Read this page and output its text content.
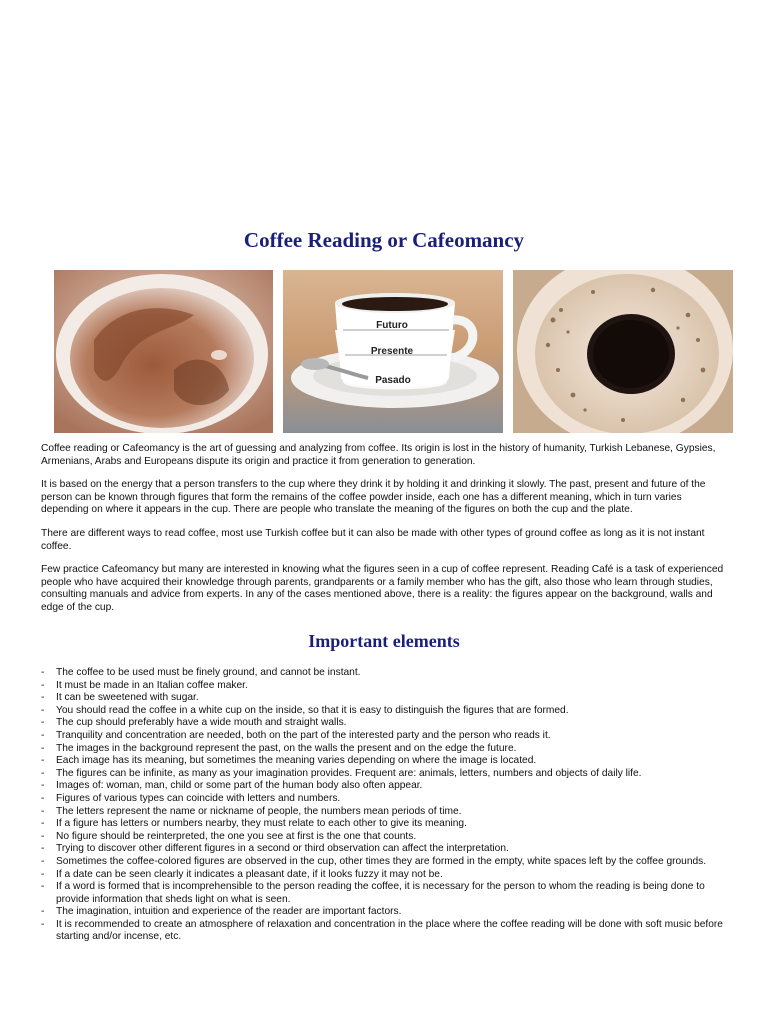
Coffee Reading or Cafeomancy
Futuro
Presente
Pasado

Coffee reading or Cafeomancy is the art of guessing and analyzing from coffee. Its origin is lost in the history of humanity, Turkish Lebanese, Gypsies, Armenians, Arabs and Europeans dispute its origin and practice it from generation to generation.

It is based on the energy that a person transfers to the cup where they drink it by holding it and drinking it slowly. The past, present and future of the person can be known through figures that form the remains of the coffee powder inside, each one has a different meaning, which in turn varies depending on where it appears in the cup. There are people who translate the meaning of the figures on both the cup and the plate.

There are different ways to read coffee, most use Turkish coffee but it can also be made with other types of ground coffee as long as it is not instant coffee.

Few practice Cafeomancy but many are interested in knowing what the figures seen in a cup of coffee represent. Reading Café is a task of experienced people who have acquired their knowledge through parents, grandparents or a family member who has the gift, also those who learn through studies, consulting manuals and advice from experts. In any of the cases mentioned above, there is a reality: the figures appear on the background, walls and edge of the cup.

Important elements
- The coffee to be used must be finely ground, and cannot be instant.
- It must be made in an Italian coffee maker.
- It can be sweetened with sugar.
- You should read the coffee in a white cup on the inside, so that it is easy to distinguish the figures that are formed.
- The cup should preferably have a wide mouth and straight walls.
- Tranquility and concentration are needed, both on the part of the interested party and the person who reads it.
- The images in the background represent the past, on the walls the present and on the edge the future.
- Each image has its meaning, but sometimes the meaning varies depending on where the image is located.
- The figures can be infinite, as many as your imagination provides. Frequent are: animals, letters, numbers and objects of daily life.
- Images of: woman, man, child or some part of the human body also often appear.
- Figures of various types can coincide with letters and numbers.
- The letters represent the name or nickname of people, the numbers mean periods of time.
- If a figure has letters or numbers nearby, they must relate to each other to give its meaning.
- No figure should be reinterpreted, the one you see at first is the one that counts.
- Trying to discover other different figures in a second or third observation can affect the interpretation.
- Sometimes the coffee-colored figures are observed in the cup, other times they are formed in the empty, white spaces left by the coffee grounds.
- If a date can be seen clearly it indicates a pleasant date, if it looks fuzzy it may not be.
- If a word is formed that is incomprehensible to the person reading the coffee, it is necessary for the person to whom the reading is being done to provide information that sheds light on what is seen.
- The imagination, intuition and experience of the reader are important factors.
- It is recommended to create an atmosphere of relaxation and concentration in the place where the coffee reading will be done with soft music before starting and/or incense, etc.
